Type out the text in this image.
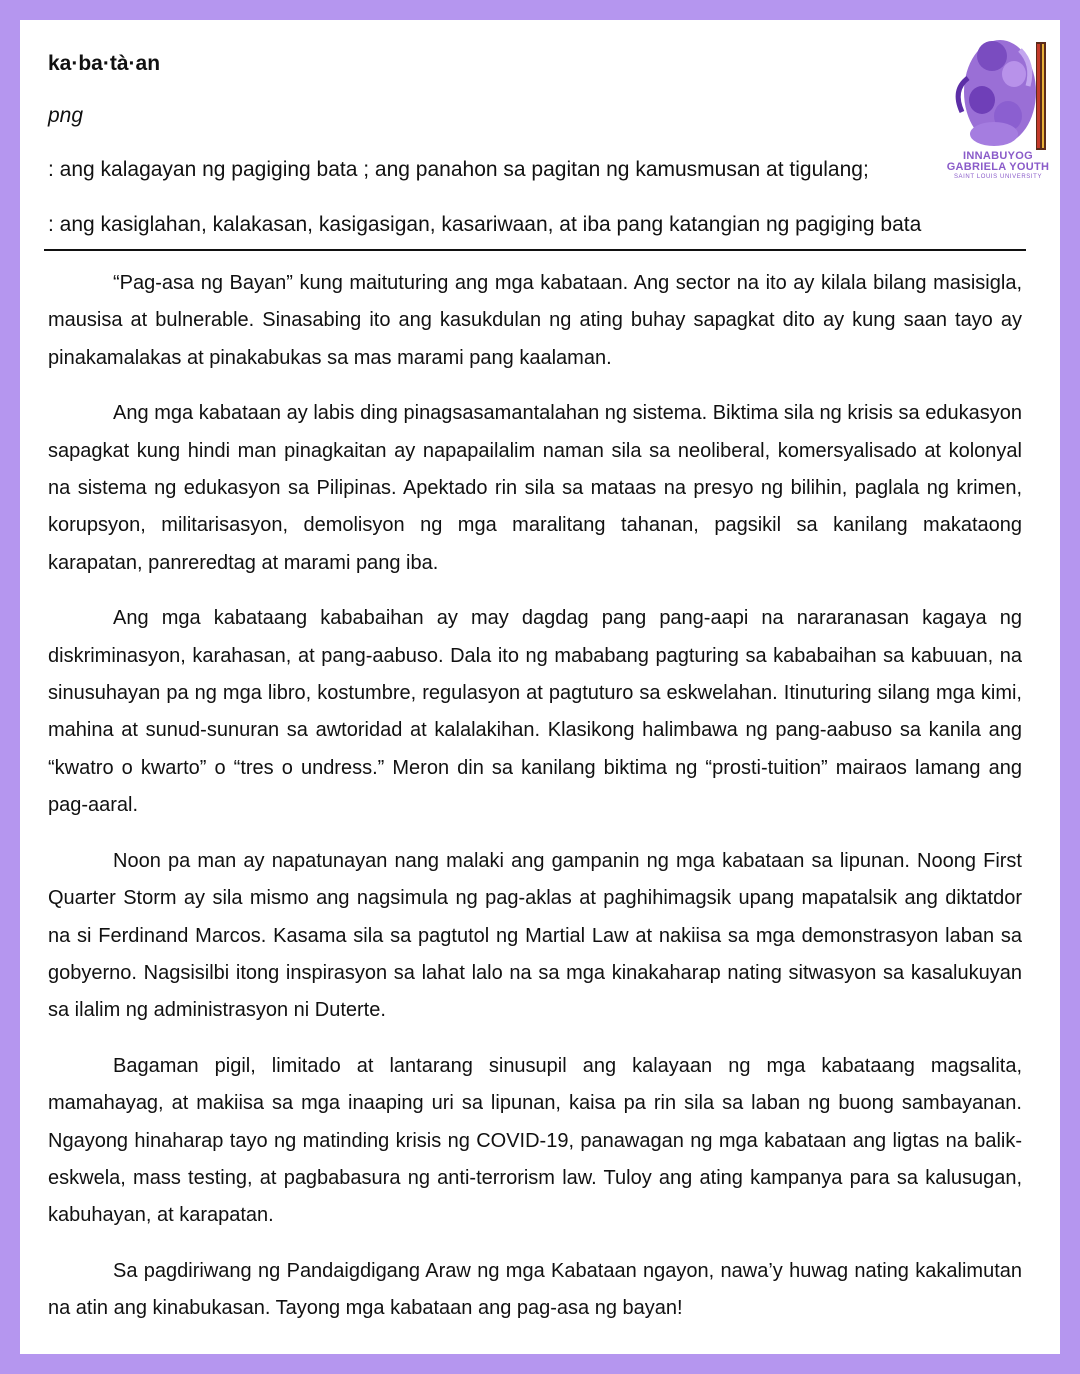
ka·ba·tà·an
png
: ang kalagayan ng pagiging bata ; ang panahon sa pagitan ng kamusmusan at tigulang;
: ang kasiglahan, kalakasan, kasigasigan, kasariwaan, at iba pang katangian ng pagiging bata
INNABUYOG
GABRIELA YOUTH
SAINT LOUIS UNIVERSITY

“Pag-asa ng Bayan” kung maituturing ang mga kabataan. Ang sector na ito ay kilala bilang masisigla, mausisa at bulnerable. Sinasabing ito ang kasukdulan ng ating buhay sapagkat dito ay kung saan tayo ay pinakamalakas at pinakabukas sa mas marami pang kaalaman.

Ang mga kabataan ay labis ding pinagsasamantalahan ng sistema. Biktima sila ng krisis sa edukasyon sapagkat kung hindi man pinagkaitan ay napapailalim naman sila sa neoliberal, komersyalisado at kolonyal na sistema ng edukasyon sa Pilipinas. Apektado rin sila sa mataas na presyo ng bilihin, paglala ng krimen, korupsyon, militarisasyon, demolisyon ng mga maralitang tahanan, pagsikil sa kanilang makataong karapatan, panreredtag at marami pang iba.

Ang mga kabataang kababaihan ay may dagdag pang pang-aapi na nararanasan kagaya ng diskriminasyon, karahasan, at pang-aabuso. Dala ito ng mababang pagturing sa kababaihan sa kabuuan, na sinusuhayan pa ng mga libro, kostumbre, regulasyon at pagtuturo sa eskwelahan. Itinuturing silang mga kimi, mahina at sunud-sunuran sa awtoridad at kalalakihan. Klasikong halimbawa ng pang-aabuso sa kanila ang “kwatro o kwarto” o “tres o undress.” Meron din sa kanilang biktima ng “prosti-tuition” mairaos lamang ang pag-aaral.

Noon pa man ay napatunayan nang malaki ang gampanin ng mga kabataan sa lipunan. Noong First Quarter Storm ay sila mismo ang nagsimula ng pag-aklas at paghihimagsik upang mapatalsik ang diktatdor na si Ferdinand Marcos. Kasama sila sa pagtutol ng Martial Law at nakiisa sa mga demonstrasyon laban sa gobyerno. Nagsisilbi itong inspirasyon sa lahat lalo na sa mga kinakaharap nating sitwasyon sa kasalukuyan sa ilalim ng administrasyon ni Duterte.

Bagaman pigil, limitado at lantarang sinusupil ang kalayaan ng mga kabataang magsalita, mamahayag, at makiisa sa mga inaaping uri sa lipunan, kaisa pa rin sila sa laban ng buong sambayanan. Ngayong hinaharap tayo ng matinding krisis ng COVID-19, panawagan ng mga kabataan ang ligtas na balik-eskwela, mass testing, at pagbabasura ng anti-terrorism law. Tuloy ang ating kampanya para sa kalusugan, kabuhayan, at karapatan.

Sa pagdiriwang ng Pandaigdigang Araw ng mga Kabataan ngayon, nawa’y huwag nating kakalimutan na atin ang kinabukasan. Tayong mga kabataan ang pag-asa ng bayan!
